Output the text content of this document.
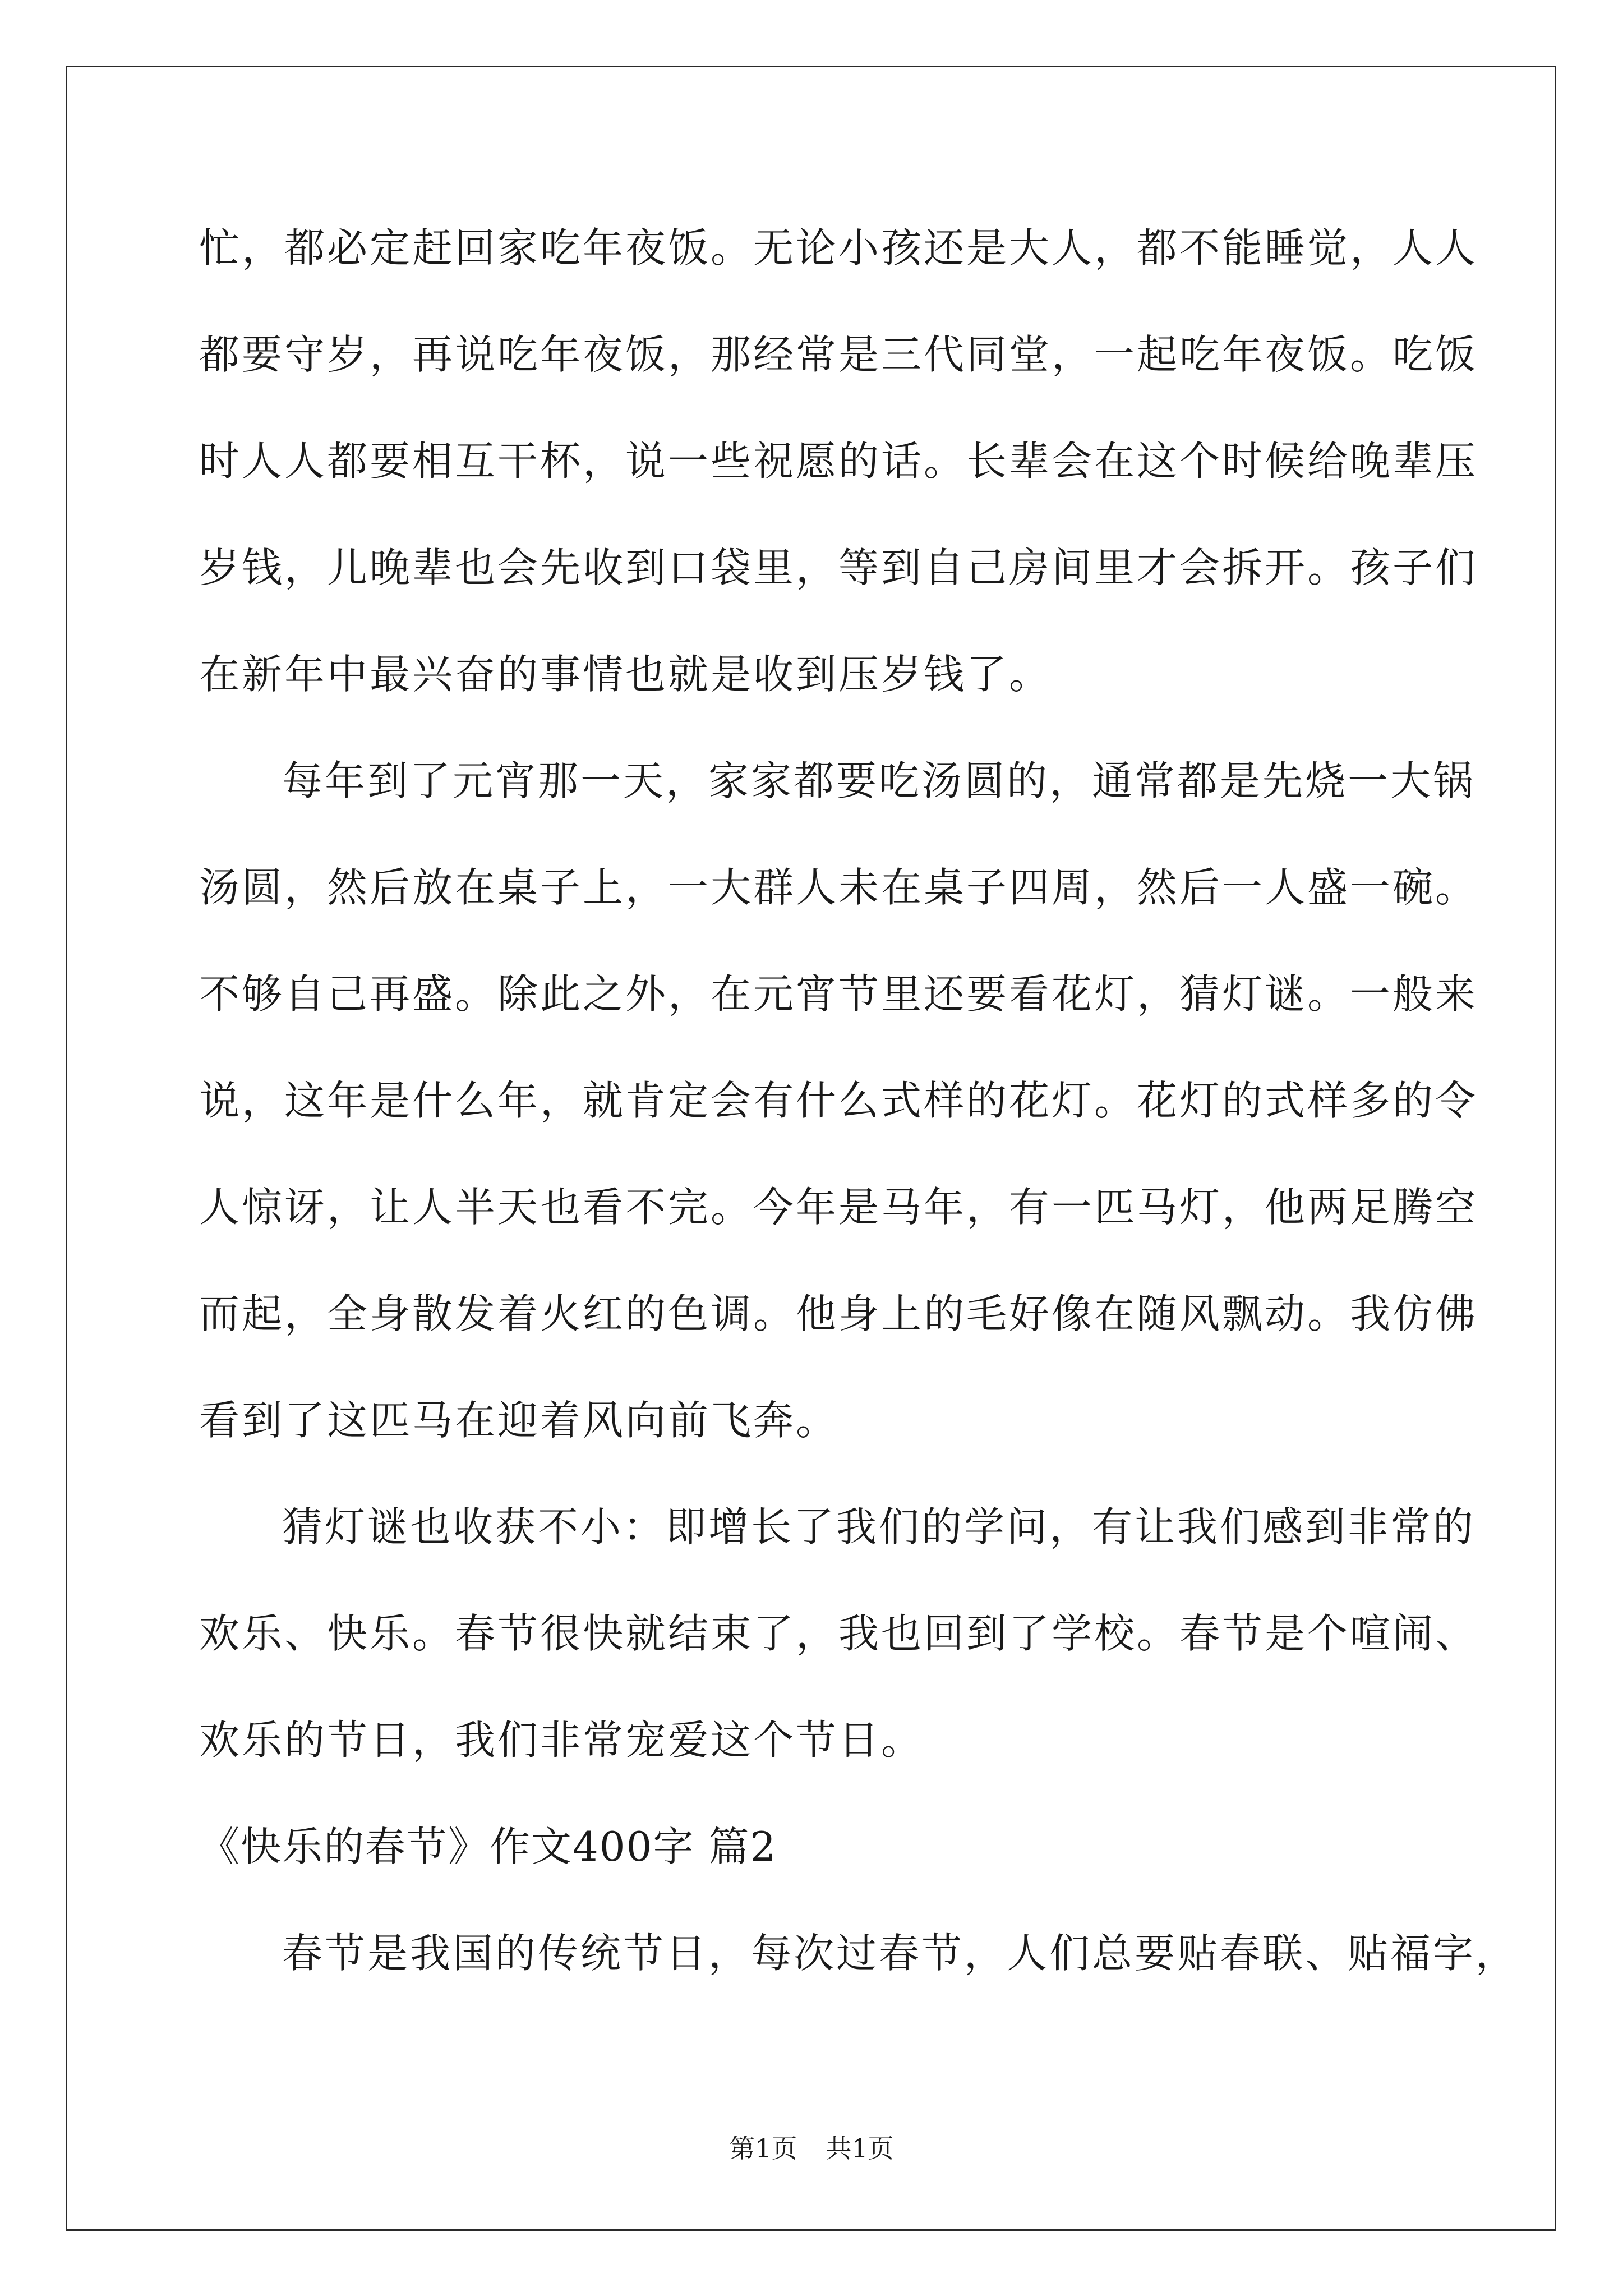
忙，都必定赶回家吃年夜饭。无论小孩还是大人，都不能睡觉，人人
都要守岁，再说吃年夜饭，那经常是三代同堂，一起吃年夜饭。吃饭
时人人都要相互干杯，说一些祝愿的话。长辈会在这个时候给晚辈压
岁钱，儿晚辈也会先收到口袋里，等到自己房间里才会拆开。孩子们
在新年中最兴奋的事情也就是收到压岁钱了。
每年到了元宵那一天，家家都要吃汤圆的，通常都是先烧一大锅
汤圆，然后放在桌子上，一大群人未在桌子四周，然后一人盛一碗。
不够自己再盛。除此之外，在元宵节里还要看花灯，猜灯谜。一般来
说，这年是什么年，就肯定会有什么式样的花灯。花灯的式样多的令
人惊讶，让人半天也看不完。今年是马年，有一匹马灯，他两足腾空
而起，全身散发着火红的色调。他身上的毛好像在随风飘动。我仿佛
看到了这匹马在迎着风向前飞奔。
猜灯谜也收获不小：即增长了我们的学问，有让我们感到非常的
欢乐、快乐。春节很快就结束了，我也回到了学校。春节是个喧闹、
欢乐的节日，我们非常宠爱这个节日。
《快乐的春节》作文400字 篇2
春节是我国的传统节日，每次过春节，人们总要贴春联、贴福字，
第1页 共1页
